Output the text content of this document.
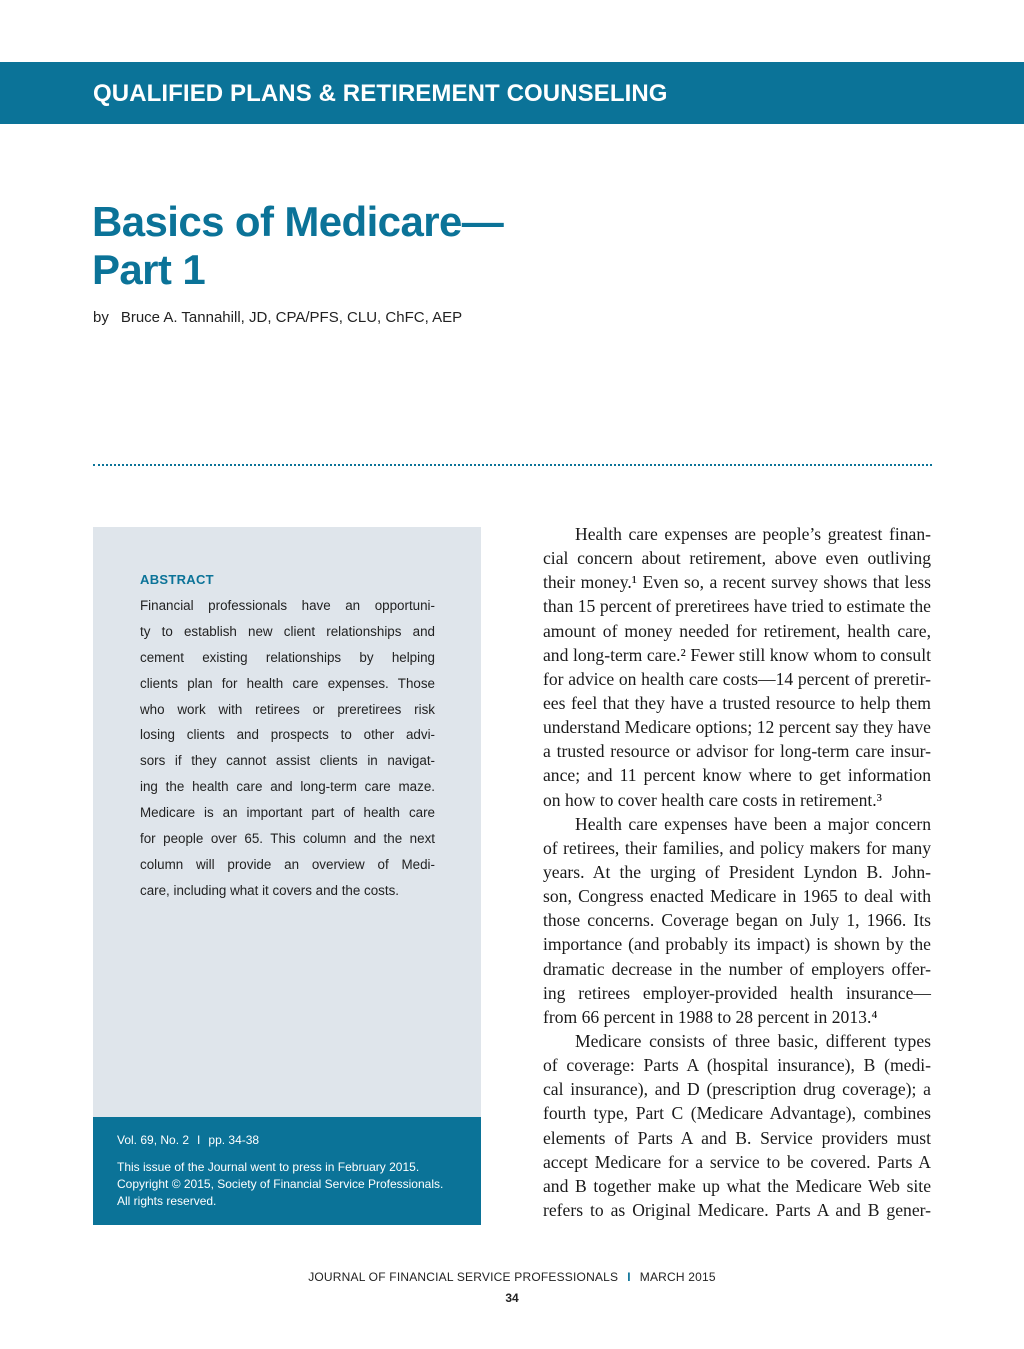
QUALIFIED PLANS & RETIREMENT COUNSELING
Basics of Medicare—
Part 1
by Bruce A. Tannahill, JD, CPA/PFS, CLU, ChFC, AEP
ABSTRACT
Financial professionals have an opportuni-
ty to establish new client relationships and
cement existing relationships by helping
clients plan for health care expenses. Those
who work with retirees or preretirees risk
losing clients and prospects to other advi-
sors if they cannot assist clients in navigat-
ing the health care and long-term care maze.
Medicare is an important part of health care
for people over 65. This column and the next
column will provide an overview of Medi-
care, including what it covers and the costs.
Vol. 69, No. 2 I pp. 34-38
This issue of the Journal went to press in February 2015.
Copyright © 2015, Society of Financial Service Professionals.
All rights reserved.
Health care expenses are people’s greatest finan-
cial concern about retirement, above even outliving
their money.¹ Even so, a recent survey shows that less
than 15 percent of preretirees have tried to estimate the
amount of money needed for retirement, health care,
and long-term care.² Fewer still know whom to consult
for advice on health care costs—14 percent of preretir-
ees feel that they have a trusted resource to help them
understand Medicare options; 12 percent say they have
a trusted resource or advisor for long-term care insur-
ance; and 11 percent know where to get information
on how to cover health care costs in retirement.³
Health care expenses have been a major concern
of retirees, their families, and policy makers for many
years. At the urging of President Lyndon B. John-
son, Congress enacted Medicare in 1965 to deal with
those concerns. Coverage began on July 1, 1966. Its
importance (and probably its impact) is shown by the
dramatic decrease in the number of employers offer-
ing retirees employer-provided health insurance—
from 66 percent in 1988 to 28 percent in 2013.⁴
Medicare consists of three basic, different types
of coverage: Parts A (hospital insurance), B (medi-
cal insurance), and D (prescription drug coverage); a
fourth type, Part C (Medicare Advantage), combines
elements of Parts A and B. Service providers must
accept Medicare for a service to be covered. Parts A
and B together make up what the Medicare Web site
refers to as Original Medicare. Parts A and B gener-
JOURNAL OF FINANCIAL SERVICE PROFESSIONALS I MARCH 2015
34
